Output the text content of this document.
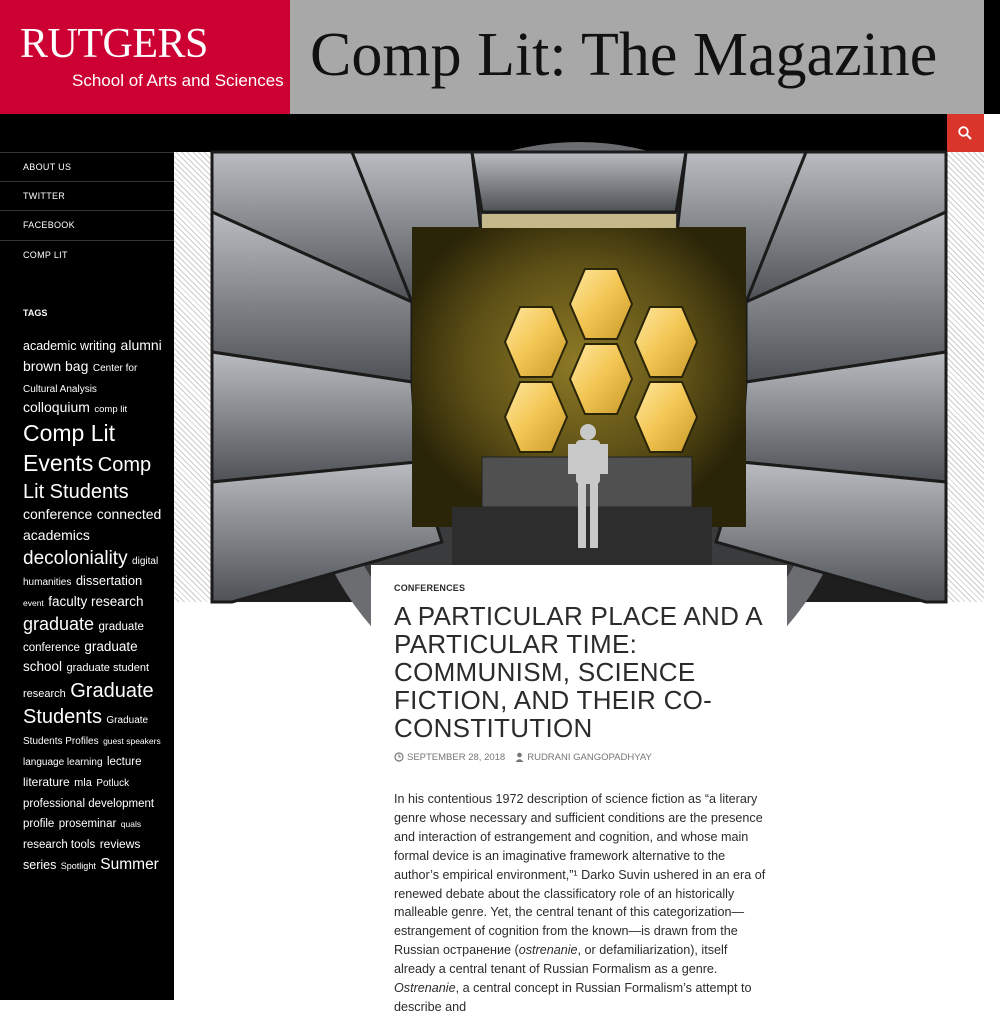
RUTGERS
School of Arts and Sciences Comp Lit: The Magazine
ABOUT US
TWITTER
FACEBOOK
COMP LIT
TAGS
academic writing alumni brown bag Center for Cultural Analysis colloquium comp lit Comp Lit Events Comp Lit Students conference connected academics decoloniality digital humanities dissertation event faculty research graduate graduate conference graduate school graduate student research Graduate Students Graduate Students Profiles guest speakers language learning lecture literature mla Potluck professional development profile proseminar quals research tools reviews series Spotlight Summer
CONFERENCES
A PARTICULAR PLACE AND A PARTICULAR TIME: COMMUNISM, SCIENCE FICTION, AND THEIR CO-CONSTITUTION
SEPTEMBER 28, 2018 RUDRANI GANGOPADHYAY
In his contentious 1972 description of science fiction as “a literary genre whose necessary and sufficient conditions are the presence and interaction of estrangement and cognition, and whose main formal device is an imaginative framework alternative to the author’s empirical environment,”¹ Darko Suvin ushered in an era of renewed debate about the classificatory role of an historically malleable genre. Yet, the central tenant of this categorization—estrangement of cognition from the known—is drawn from the Russian остранение (ostrenanie, or defamiliarization), itself already a central tenant of Russian Formalism as a genre. Ostrenanie, a central concept in Russian Formalism’s attempt to describe and
